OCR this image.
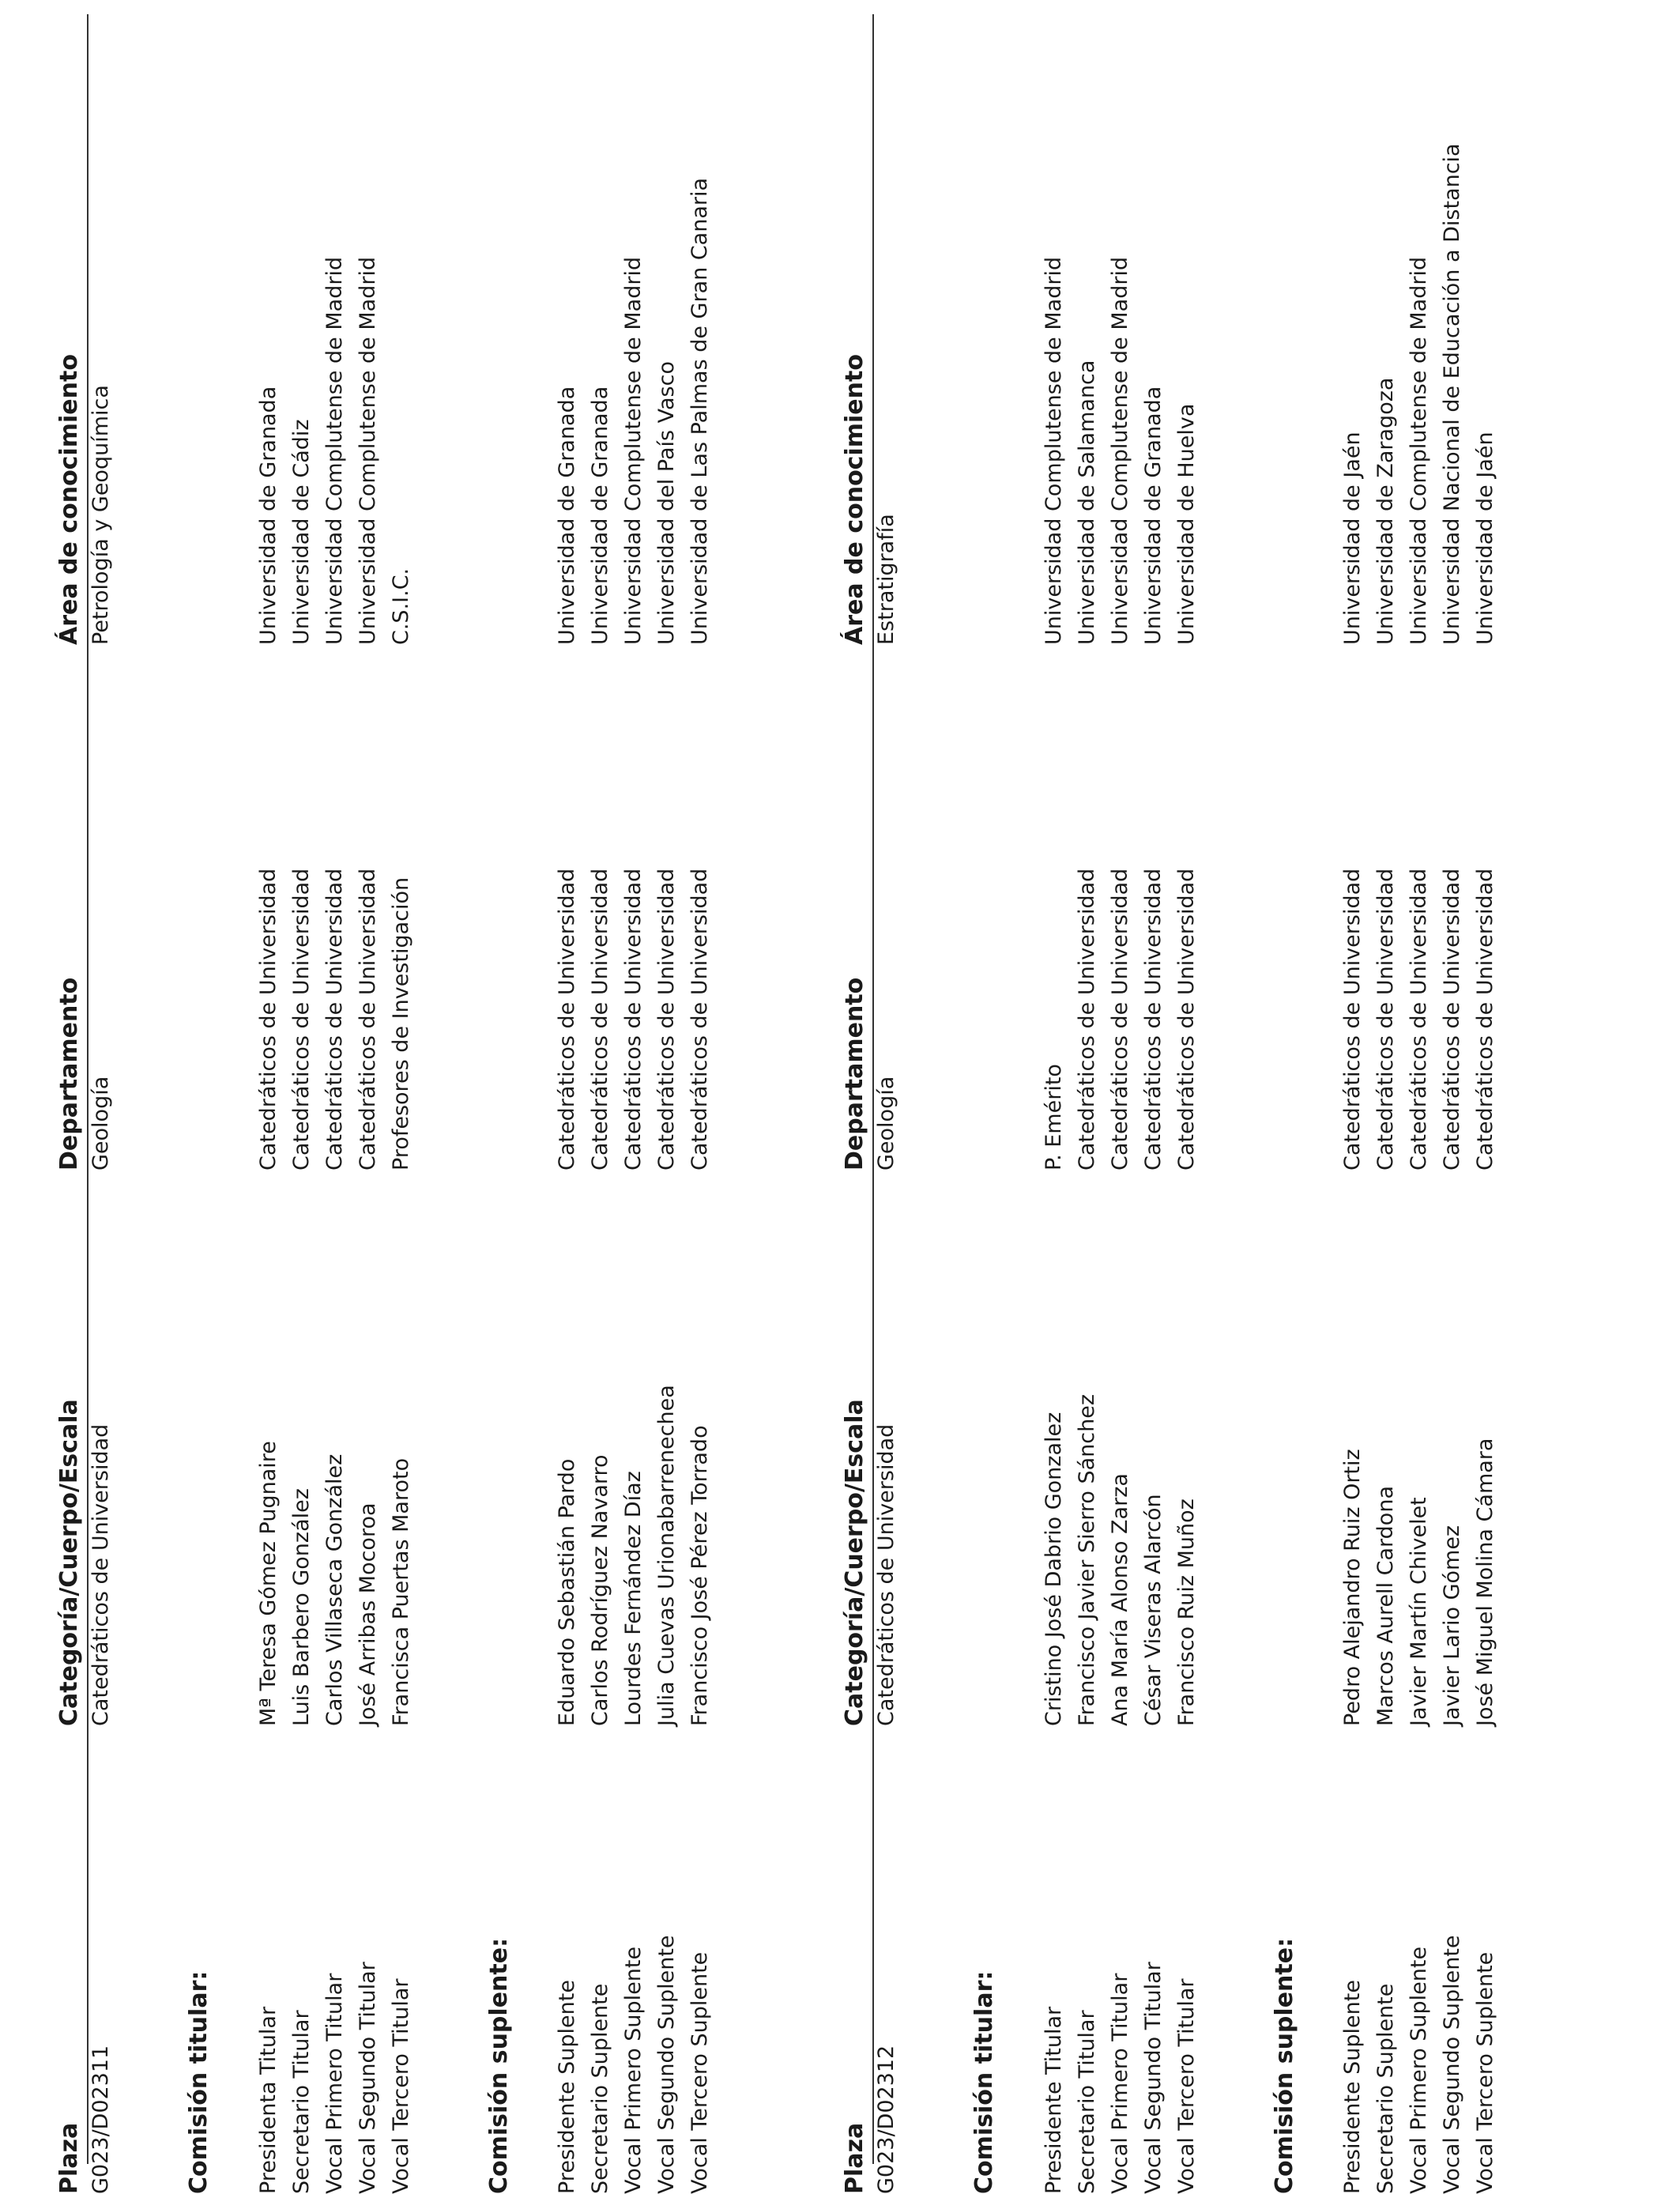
Plaza
Categoría/Cuerpo/Escala
Departamento
Área de conocimiento
G023/D02311
Catedráticos de Universidad
Geología
Petrología y Geoquímica
Comisión titular: Presidenta Titular
Mª Teresa Gómez Pugnaire
Catedráticos de Universidad
Universidad de Granada
Secretario Titular
Luis Barbero González
Catedráticos de Universidad
Universidad de Cádiz
Vocal Primero Titular
Carlos Villaseca González
Catedráticos de Universidad
Universidad Complutense de Madrid
Vocal Segundo Titular
José Arribas Mocoroa
Catedráticos de Universidad
Universidad Complutense de Madrid
Vocal Tercero Titular
Francisca Puertas Maroto
Profesores de Investigación
C.S.I.C.
Comisión suplente: Presidente Suplente
Eduardo Sebastián Pardo
Catedráticos de Universidad
Universidad de Granada
Secretario Suplente
Carlos Rodríguez Navarro
Catedráticos de Universidad
Universidad de Granada
Vocal Primero Suplente
Lourdes Fernández Díaz
Catedráticos de Universidad
Universidad Complutense de Madrid
Vocal Segundo Suplente
Julia Cuevas Urionabarrenechea
Catedráticos de Universidad
Universidad del País Vasco
Vocal Tercero Suplente
Francisco José Pérez Torrado
Catedráticos de Universidad
Universidad de Las Palmas de Gran Canaria
Plaza
Categoría/Cuerpo/Escala
Departamento
Área de conocimiento
G023/D02312
Catedráticos de Universidad
Geología
Estratigrafía
Comisión titular: Presidente Titular
Cristino José Dabrio Gonzalez
P. Emérito
Universidad Complutense de Madrid
Secretario Titular
Francisco Javier Sierro Sánchez
Catedráticos de Universidad
Universidad de Salamanca
Vocal Primero Titular
Ana María Alonso Zarza
Catedráticos de Universidad
Universidad Complutense de Madrid
Vocal Segundo Titular
César Viseras Alarcón
Catedráticos de Universidad
Universidad de Granada
Vocal Tercero Titular
Francisco Ruiz Muñoz
Catedráticos de Universidad
Universidad de Huelva
Comisión suplente: Presidente Suplente
Pedro Alejandro Ruiz Ortiz
Catedráticos de Universidad
Universidad de Jaén
Secretario Suplente
Marcos Aurell Cardona
Catedráticos de Universidad
Universidad de Zaragoza
Vocal Primero Suplente
Javier Martín Chivelet
Catedráticos de Universidad
Universidad Complutense de Madrid
Vocal Segundo Suplente
Javier Lario Gómez
Catedráticos de Universidad
Universidad Nacional de Educación a Distancia
Vocal Tercero Suplente
José Miguel Molina Cámara
Catedráticos de Universidad
Universidad de Jaén
